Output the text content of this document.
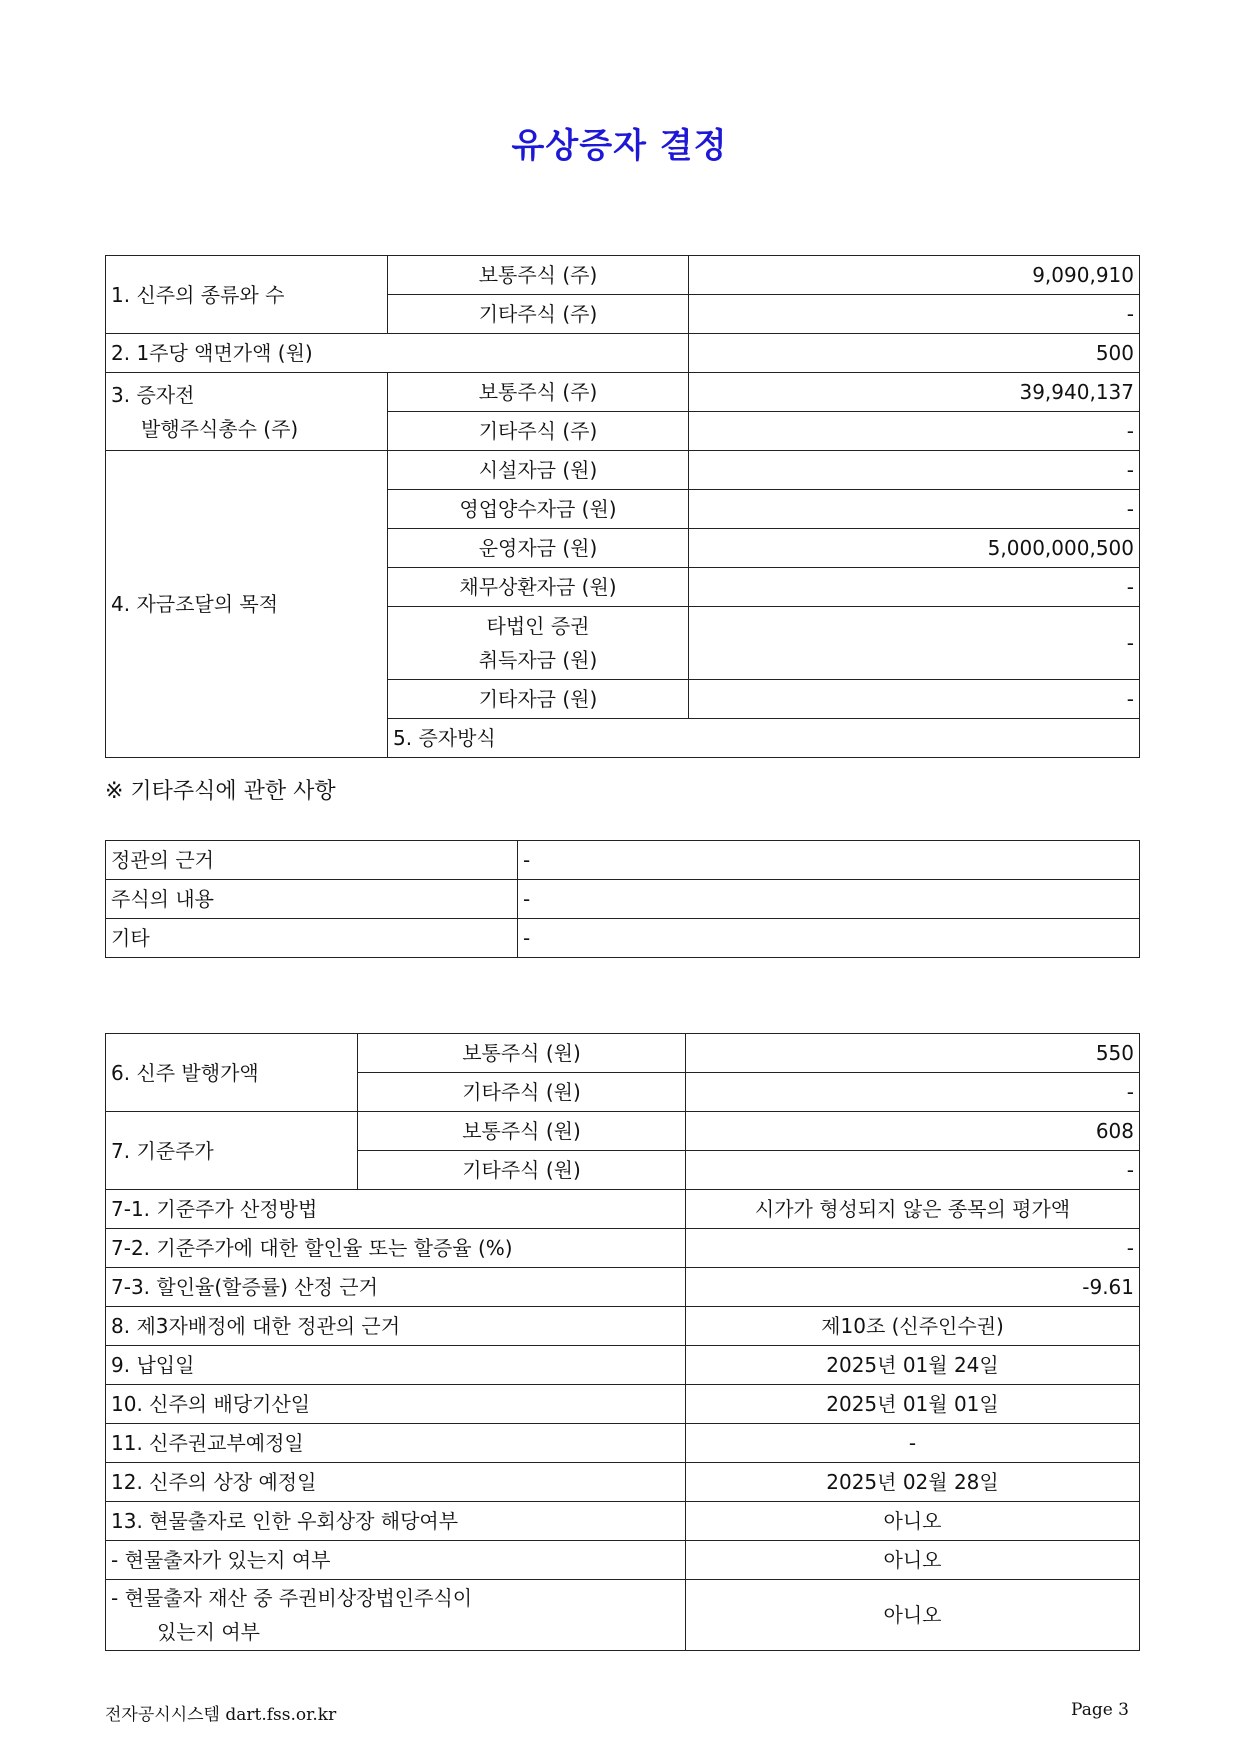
유상증자 결정
1. 신주의 종류와 수	보통주식 (주)	9,090,910	
	기타주식 (주)	-	
2. 1주당 액면가액 (원)		500	
3. 증자전
발행주식총수 (주)	보통주식 (주)	39,940,137	
	기타주식 (주)	-	
4. 자금조달의 목적	시설자금 (원)	-	
	영업양수자금 (원)	-	
	운영자금 (원)	5,000,000,500	
	채무상환자금 (원)	-	
	타법인 증권
취득자금 (원)	-	
	기타자금 (원)	-	
	5. 증자방식	
※ 기타주식에 관한 사항
정관의 근거	-
주식의 내용	-
기타	-
6. 신주 발행가액	보통주식 (원)	550
	기타주식 (원)	-
7. 기준주가	보통주식 (원)	608
	기타주식 (원)	-
7-1. 기준주가 산정방법		시가가 형성되지 않은 종목의 평가액
7-2. 기준주가에 대한 할인율 또는 할증율 (%)		-
7-3. 할인율(할증률) 산정 근거		-9.61
8. 제3자배정에 대한 정관의 근거		제10조 (신주인수권)
9. 납입일		2025년 01월 24일
10. 신주의 배당기산일		2025년 01월 01일
11. 신주권교부예정일		-
12. 신주의 상장 예정일		2025년 02월 28일
13. 현물출자로 인한 우회상장 해당여부		아니오
- 현물출자가 있는지 여부		아니오
- 현물출자 재산 중 주권비상장법인주식이
있는지 여부		아니오
전자공시시스템 dart.fss.or.kr	Page 3
